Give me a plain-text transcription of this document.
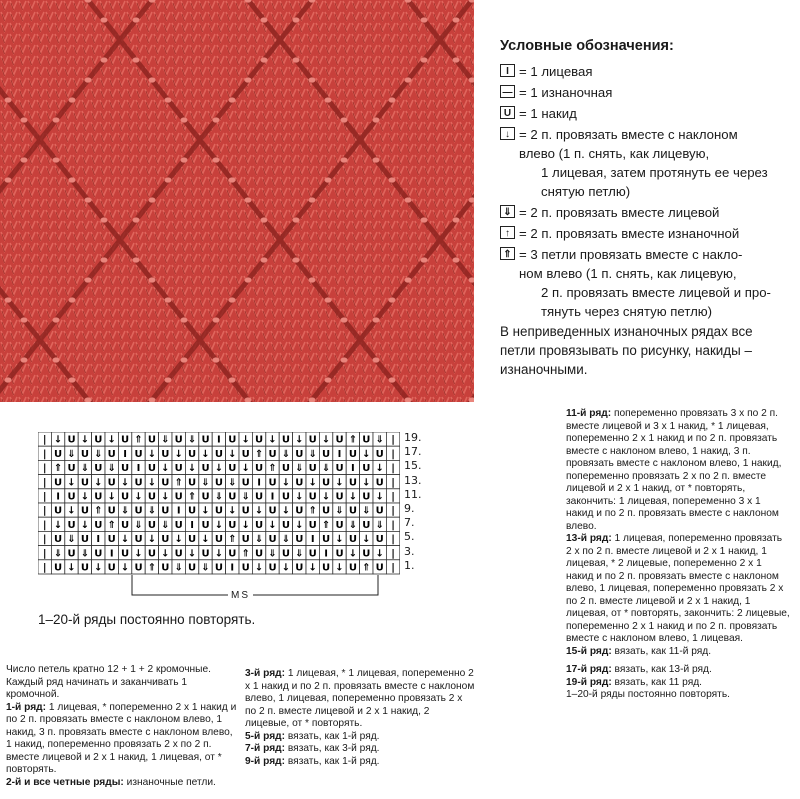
Условные обозначения:
I = 1 лицевая
— = 1 изнаночная
U = 1 накид
↓ = 2 п. провязать вместе с наклоном
влево (1 п. снять, как лицевую,
1 лицевая, затем протянуть ее через
снятую петлю)
⇓ = 2 п. провязать вместе лицевой
↑ = 2 п. провязать вместе изнаночной
⇑ = 3 петли провязать вместе с накло-
ном влево (1 п. снять, как лицевую,
2 п. провязать вместе лицевой и про-
тянуть через снятую петлю)
В неприведенных изнаночных рядах все петли провязывать по рисунку, накиды – изнаночными.
| ↓ U ↓ U ↓ U ⇑ U ⇓ U ⇓ U I U ↓ U ↓ U ↓ U ↓ U ⇑ U ⇓ |
| U ⇓ U ⇓ U I U ↓ U ↓ U ↓ U ↓ U ⇑ U ⇓ U ⇓ U I U ↓ U |
| ⇑ U ⇓ U ⇓ U I U ↓ U ↓ U ↓ U ↓ U ⇑ U ⇓ U ⇓ U I U ↓ |
| U ↓ U ↓ U ↓ U ↓ U ⇑ U ⇓ U ⇓ U I U ↓ U ↓ U ↓ U ↓ U |
| I U ↓ U ↓ U ↓ U ↓ U ⇑ U ⇓ U ⇓ U I U ↓ U ↓ U ↓ U ↓ |
| U ↓ U ⇑ U ⇓ U ⇓ U I U ↓ U ↓ U ↓ U ↓ U ⇑ U ⇓ U ⇓ U |
| ↓ U ↓ U ⇑ U ⇓ U ⇓ U I U ↓ U ↓ U ↓ U ↓ U ⇑ U ⇓ U ⇓ |
| U ⇓ U I U ↓ U ↓ U ↓ U ↓ U ⇑ U ⇓ U ⇓ U I U ↓ U ↓ U |
| ⇓ U ⇓ U I U ↓ U ↓ U ↓ U ↓ U ⇑ U ⇓ U ⇓ U I U ↓ U ↓ |
| U ↓ U ↓ U ↓ U ⇑ U ⇓ U ⇓ U I U ↓ U ↓ U ↓ U ↓ U ⇑ U |
19.
17.
15.
13.
11.
9.
7.
5.
3.
1.
MS
1–20-й ряды постоянно повторять.

Число петель кратно 12 + 1 + 2 кромочные. Каждый ряд начинать и заканчивать 1 кромочной.

1-й ряд: 1 лицевая, * попеременно 2 х 1 накид и по 2 п. провязать вместе с наклоном влево, 1 накид, 3 п. провязать вместе с наклоном влево, 1 накид, попеременно провязать 2 х по 2 п. вместе лицевой и 2 х 1 накид, 1 лицевая, от * повторять.

2-й и все четные ряды: изнаночные петли.

3-й ряд: 1 лицевая, * 1 лицевая, попеременно 2 х 1 накид и по 2 п. провязать вместе с наклоном влево, 1 лицевая, попеременно провязать 2 х по 2 п. вместе лицевой и 2 х 1 накид, 2 лицевые, от * повторять.

5-й ряд: вязать, как 1-й ряд.

7-й ряд: вязать, как 3-й ряд.

9-й ряд: вязать, как 1-й ряд.

11-й ряд: попеременно провязать 3 х по 2 п. вместе лицевой и 3 х 1 накид, * 1 лицевая, попеременно 2 х 1 накид и по 2 п. провязать вместе с наклоном влево, 1 накид, 3 п. провязать вместе с наклоном влево, 1 накид, попеременно провязать 2 х по 2 п. вместе лицевой и 2 х 1 накид, от * повторять, закончить: 1 лицевая, попеременно 3 х 1 накид и по 2 п. провязать вместе с наклоном влево.

13-й ряд: 1 лицевая, попеременно провязать 2 х по 2 п. вместе лицевой и 2 х 1 накид, 1 лицевая, * 2 лицевые, попеременно 2 х 1 накид и по 2 п. провязать вместе с наклоном влево, 1 лицевая, попеременно провязать 2 х по 2 п. вместе лицевой и 2 х 1 накид, 1 лицевая, от * повторять, закончить: 2 лицевые, попеременно 2 х 1 накид и по 2 п. провязать вместе с наклоном влево, 1 лицевая.

15-й ряд: вязать, как 11-й ряд.

17-й ряд: вязать, как 13-й ряд.

19-й ряд: вязать, как 11 ряд.

1–20-й ряды постоянно повторять.
